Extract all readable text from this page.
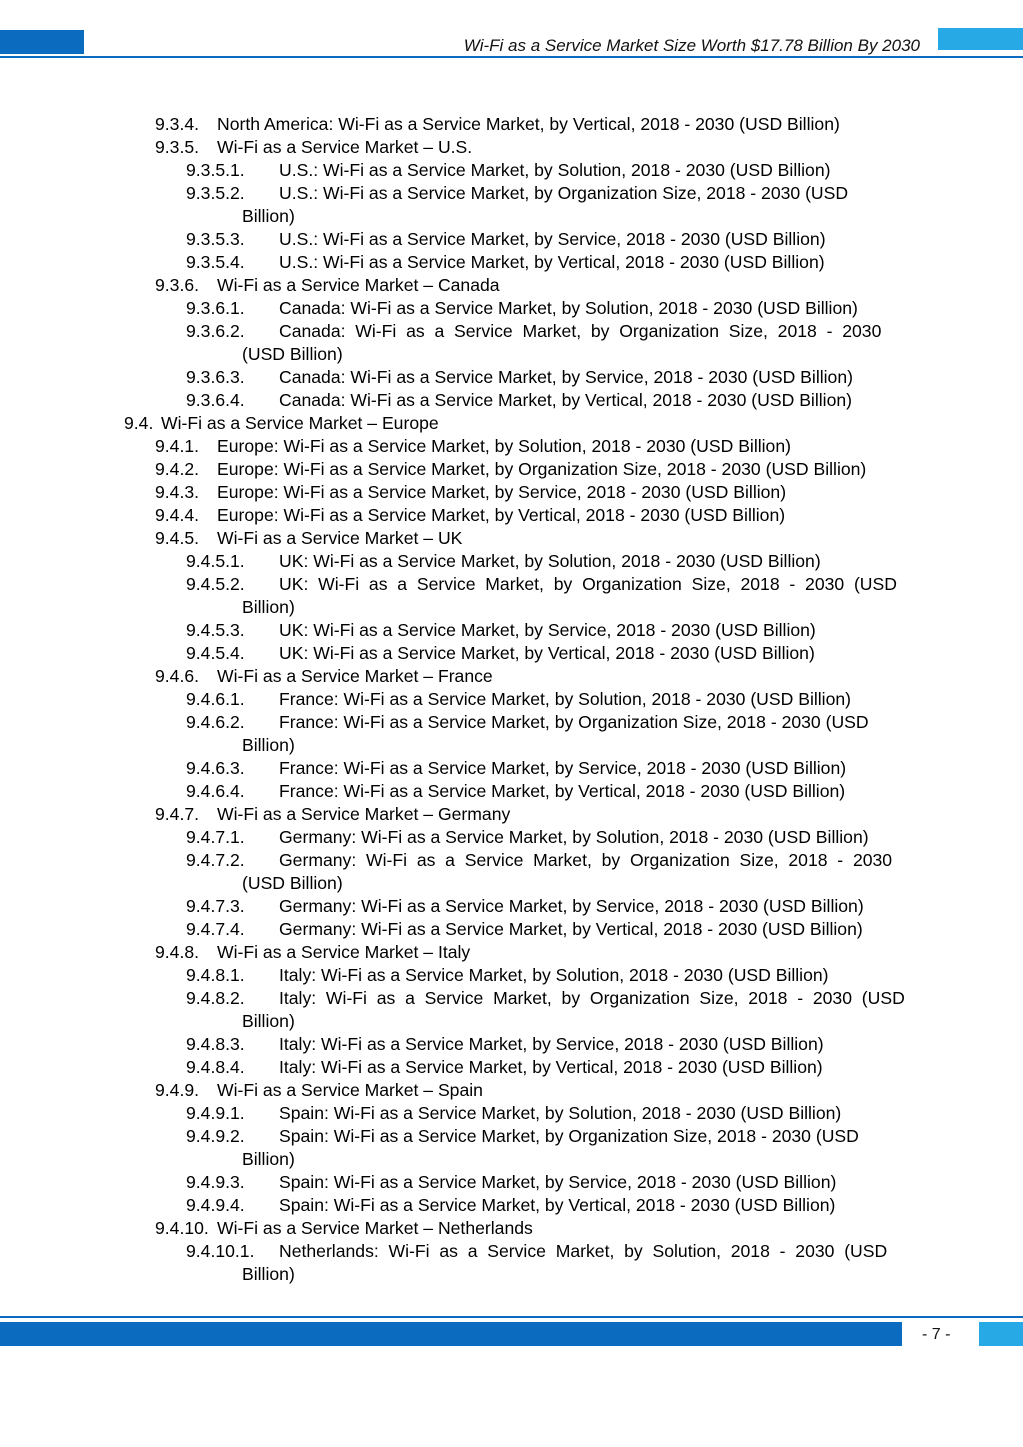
Wi-Fi as a Service Market Size Worth $17.78 Billion By 2030
9.3.4. North America: Wi-Fi as a Service Market, by Vertical, 2018 - 2030 (USD Billion)
9.3.5. Wi-Fi as a Service Market – U.S.
9.3.5.1. U.S.: Wi-Fi as a Service Market, by Solution, 2018 - 2030 (USD Billion)
9.3.5.2. U.S.: Wi-Fi as a Service Market, by Organization Size, 2018 - 2030 (USD
Billion)
9.3.5.3. U.S.: Wi-Fi as a Service Market, by Service, 2018 - 2030 (USD Billion)
9.3.5.4. U.S.: Wi-Fi as a Service Market, by Vertical, 2018 - 2030 (USD Billion)
9.3.6. Wi-Fi as a Service Market – Canada
9.3.6.1. Canada: Wi-Fi as a Service Market, by Solution, 2018 - 2030 (USD Billion)
9.3.6.2. Canada:  Wi-Fi  as  a  Service  Market,  by  Organization  Size,  2018  -  2030
(USD Billion)
9.3.6.3. Canada: Wi-Fi as a Service Market, by Service, 2018 - 2030 (USD Billion)
9.3.6.4. Canada: Wi-Fi as a Service Market, by Vertical, 2018 - 2030 (USD Billion)
9.4. Wi-Fi as a Service Market – Europe
9.4.1. Europe: Wi-Fi as a Service Market, by Solution, 2018 - 2030 (USD Billion)
9.4.2. Europe: Wi-Fi as a Service Market, by Organization Size, 2018 - 2030 (USD Billion)
9.4.3. Europe: Wi-Fi as a Service Market, by Service, 2018 - 2030 (USD Billion)
9.4.4. Europe: Wi-Fi as a Service Market, by Vertical, 2018 - 2030 (USD Billion)
9.4.5. Wi-Fi as a Service Market – UK
9.4.5.1. UK: Wi-Fi as a Service Market, by Solution, 2018 - 2030 (USD Billion)
9.4.5.2. UK:  Wi-Fi  as  a  Service  Market,  by  Organization  Size,  2018  -  2030  (USD
Billion)
9.4.5.3. UK: Wi-Fi as a Service Market, by Service, 2018 - 2030 (USD Billion)
9.4.5.4. UK: Wi-Fi as a Service Market, by Vertical, 2018 - 2030 (USD Billion)
9.4.6. Wi-Fi as a Service Market – France
9.4.6.1. France: Wi-Fi as a Service Market, by Solution, 2018 - 2030 (USD Billion)
9.4.6.2. France: Wi-Fi as a Service Market, by Organization Size, 2018 - 2030 (USD
Billion)
9.4.6.3. France: Wi-Fi as a Service Market, by Service, 2018 - 2030 (USD Billion)
9.4.6.4. France: Wi-Fi as a Service Market, by Vertical, 2018 - 2030 (USD Billion)
9.4.7. Wi-Fi as a Service Market – Germany
9.4.7.1. Germany: Wi-Fi as a Service Market, by Solution, 2018 - 2030 (USD Billion)
9.4.7.2. Germany:  Wi-Fi  as  a  Service  Market,  by  Organization  Size,  2018  -  2030
(USD Billion)
9.4.7.3. Germany: Wi-Fi as a Service Market, by Service, 2018 - 2030 (USD Billion)
9.4.7.4. Germany: Wi-Fi as a Service Market, by Vertical, 2018 - 2030 (USD Billion)
9.4.8. Wi-Fi as a Service Market – Italy
9.4.8.1. Italy: Wi-Fi as a Service Market, by Solution, 2018 - 2030 (USD Billion)
9.4.8.2. Italy:  Wi-Fi  as  a  Service  Market,  by  Organization  Size,  2018  -  2030  (USD
Billion)
9.4.8.3. Italy: Wi-Fi as a Service Market, by Service, 2018 - 2030 (USD Billion)
9.4.8.4. Italy: Wi-Fi as a Service Market, by Vertical, 2018 - 2030 (USD Billion)
9.4.9. Wi-Fi as a Service Market – Spain
9.4.9.1. Spain: Wi-Fi as a Service Market, by Solution, 2018 - 2030 (USD Billion)
9.4.9.2. Spain: Wi-Fi as a Service Market, by Organization Size, 2018 - 2030 (USD
Billion)
9.4.9.3. Spain: Wi-Fi as a Service Market, by Service, 2018 - 2030 (USD Billion)
9.4.9.4. Spain: Wi-Fi as a Service Market, by Vertical, 2018 - 2030 (USD Billion)
9.4.10. Wi-Fi as a Service Market – Netherlands
9.4.10.1. Netherlands:  Wi-Fi  as  a  Service  Market,  by  Solution,  2018  -  2030  (USD
Billion)
- 7 -
